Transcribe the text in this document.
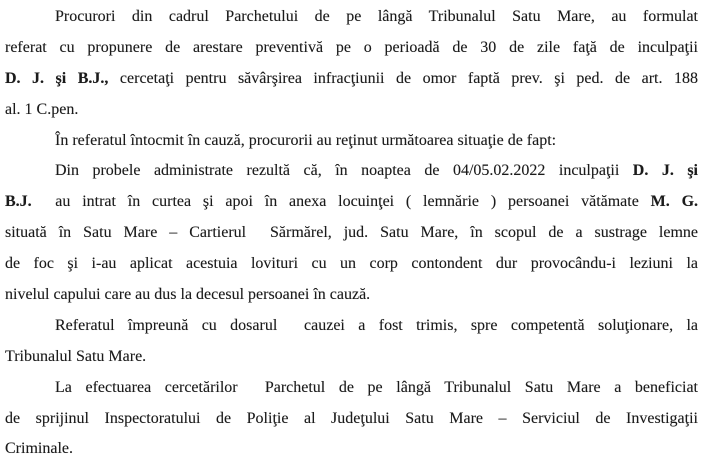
Procurori din cadrul Parchetului de pe lângă Tribunalul Satu Mare, au formulat
referat cu propunere de arestare preventivă pe o perioadă de 30 de zile faţă de inculpaţii
D. J. şi B.J., cercetaţi pentru săvârşirea infracţiunii de omor faptă prev. şi ped. de art. 188
al. 1 C.pen.
În referatul întocmit în cauză, procurorii au reţinut următoarea situaţie de fapt:
Din probele administrate rezultă că, în noaptea de 04/05.02.2022 inculpaţii D. J. şi
B.J.  au intrat în curtea şi apoi în anexa locuinţei ( lemnărie ) persoanei vătămate M. G.
situată în Satu Mare – Cartierul  Sărmărel, jud. Satu Mare, în scopul de a sustrage lemne
de foc şi i-au aplicat acestuia lovituri cu un corp contondent dur provocându-i leziuni la
nivelul capului care au dus la decesul persoanei în cauză.
Referatul împreună cu dosarul  cauzei a fost trimis, spre competentă soluţionare, la
Tribunalul Satu Mare.
La efectuarea cercetărilor  Parchetul de pe lângă Tribunalul Satu Mare a beneficiat
de sprijinul Inspectoratului de Poliţie al Judeţului Satu Mare – Serviciul de Investigaţii
Criminale.
